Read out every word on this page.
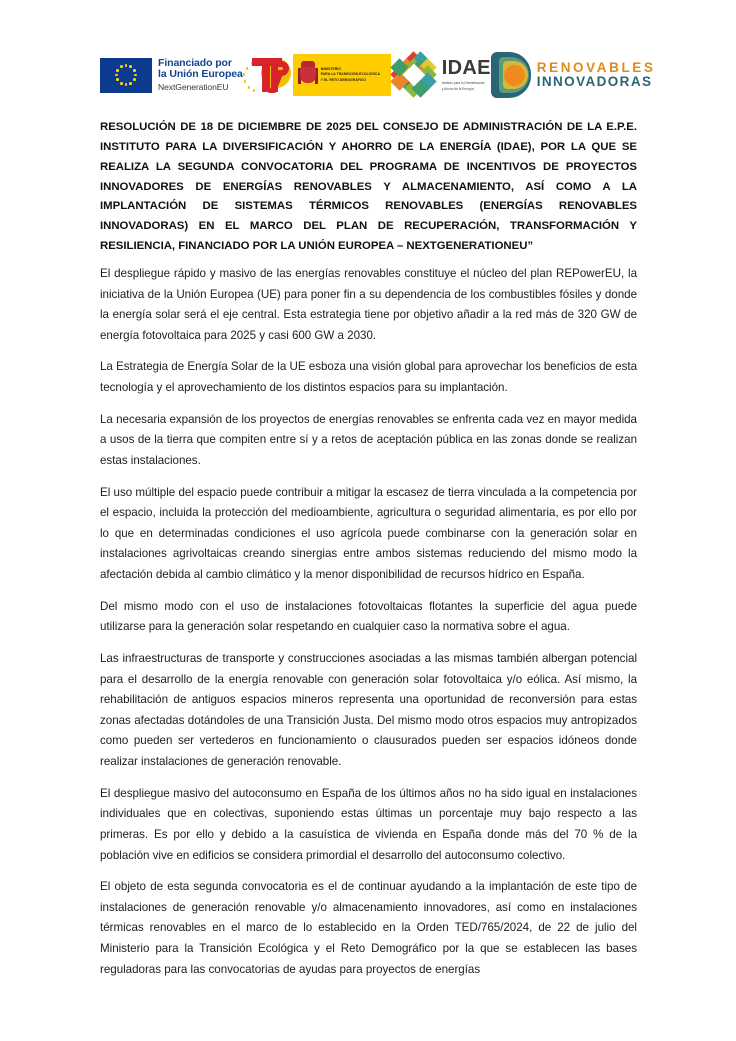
Financiado por
la Unión Europea
NextGenerationEU
MINISTERIO
PARA LA TRANSICIÓN ECOLÓGICA
Y EL RETO DEMOGRÁFICO
IDAE
Instituto para la Diversificación
y Ahorro de la Energía
RENOVABLES
INNOVADORAS

RESOLUCIÓN DE 18 DE DICIEMBRE DE 2025 DEL CONSEJO DE ADMINISTRACIÓN DE LA E.P.E. INSTITUTO PARA LA DIVERSIFICACIÓN Y AHORRO DE LA ENERGÍA (IDAE), POR LA QUE SE REALIZA LA SEGUNDA CONVOCATORIA DEL PROGRAMA DE INCENTIVOS DE PROYECTOS INNOVADORES DE ENERGÍAS RENOVABLES Y ALMACENAMIENTO, ASÍ COMO A LA IMPLANTACIÓN DE SISTEMAS TÉRMICOS RENOVABLES (ENERGÍAS RENOVABLES INNOVADORAS) EN EL MARCO DEL PLAN DE RECUPERACIÓN, TRANSFORMACIÓN Y RESILIENCIA, FINANCIADO POR LA UNIÓN EUROPEA – NEXTGENERATIONEU”

El despliegue rápido y masivo de las energías renovables constituye el núcleo del plan REPowerEU, la iniciativa de la Unión Europea (UE) para poner fin a su dependencia de los combustibles fósiles y donde la energía solar será el eje central. Esta estrategia tiene por objetivo añadir a la red más de 320 GW de energía fotovoltaica para 2025 y casi 600 GW a 2030.

La Estrategia de Energía Solar de la UE esboza una visión global para aprovechar los beneficios de esta tecnología y el aprovechamiento de los distintos espacios para su implantación.

La necesaria expansión de los proyectos de energías renovables se enfrenta cada vez en mayor medida a usos de la tierra que compiten entre sí y a retos de aceptación pública en las zonas donde se realizan estas instalaciones.

El uso múltiple del espacio puede contribuir a mitigar la escasez de tierra vinculada a la competencia por el espacio, incluida la protección del medioambiente, agricultura o seguridad alimentaria, es por ello por lo que en determinadas condiciones el uso agrícola puede combinarse con la generación solar en instalaciones agrivoltaicas creando sinergias entre ambos sistemas reduciendo del mismo modo la afectación debida al cambio climático y la menor disponibilidad de recursos hídrico en España.

Del mismo modo con el uso de instalaciones fotovoltaicas flotantes la superficie del agua puede utilizarse para la generación solar respetando en cualquier caso la normativa sobre el agua.

Las infraestructuras de transporte y construcciones asociadas a las mismas también albergan potencial para el desarrollo de la energía renovable con generación solar fotovoltaica y/o eólica. Así mismo, la rehabilitación de antiguos espacios mineros representa una oportunidad de reconversión para estas zonas afectadas dotándoles de una Transición Justa. Del mismo modo otros espacios muy antropizados como pueden ser vertederos en funcionamiento o clausurados pueden ser espacios idóneos donde realizar instalaciones de generación renovable.

El despliegue masivo del autoconsumo en España de los últimos años no ha sido igual en instalaciones individuales que en colectivas, suponiendo estas últimas un porcentaje muy bajo respecto a las primeras. Es por ello y debido a la casuística de vivienda en España donde más del 70 % de la población vive en edificios se considera primordial el desarrollo del autoconsumo colectivo.

El objeto de esta segunda convocatoria es el de continuar ayudando a la implantación de este tipo de instalaciones de generación renovable y/o almacenamiento innovadores, así como en instalaciones térmicas renovables en el marco de lo establecido en la Orden TED/765/2024, de 22 de julio del Ministerio para la Transición Ecológica y el Reto Demográfico por la que se establecen las bases reguladoras para las convocatorias de ayudas para proyectos de energías
